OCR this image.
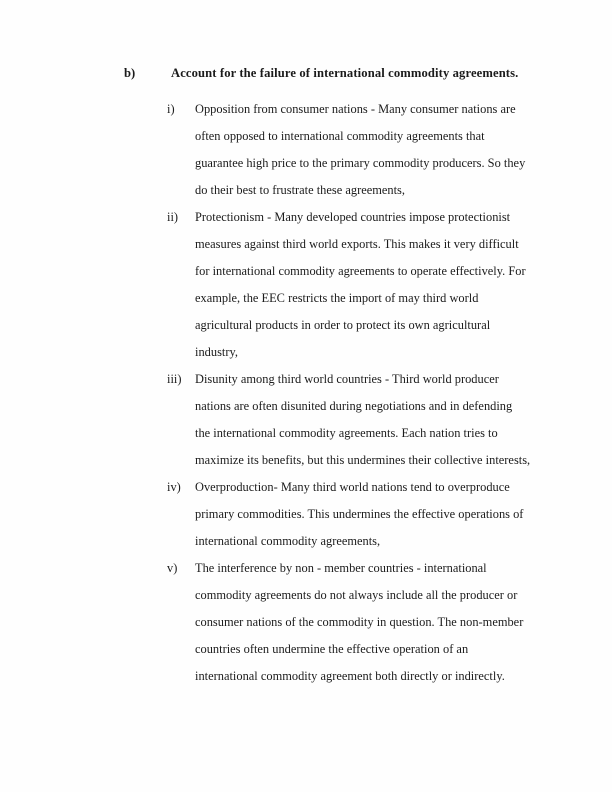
b)	Account for the failure of international commodity agreements.
i)	Opposition from consumer nations - Many consumer nations are
often opposed to international commodity agreements that
guarantee high price to the primary commodity producers. So they
do their best to frustrate these agreements,
ii)	Protectionism - Many developed countries impose protectionist
measures against third world exports. This makes it very difficult
for international commodity agreements to operate effectively. For
example, the EEC restricts the import of may third world
agricultural products in order to protect its own agricultural
industry,
iii)	Disunity among third world countries - Third world producer
nations are often disunited during negotiations and in defending
the international commodity agreements. Each nation tries to
maximize its benefits, but this undermines their collective interests,
iv)	Overproduction- Many third world nations tend to overproduce
primary commodities. This undermines the effective operations of
international commodity agreements,
v)	The interference by non - member countries - international
commodity agreements do not always include all the producer or
consumer nations of the commodity in question. The non-member
countries often undermine the effective operation of an
international commodity agreement both directly or indirectly.
